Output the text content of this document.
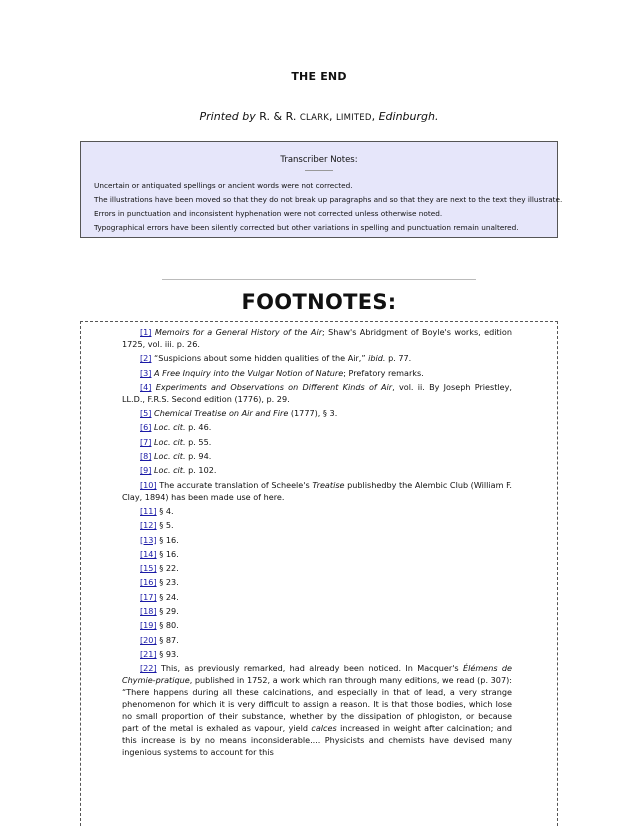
THE END
Printed by R. & R. CLARK, LIMITED, Edinburgh.
Transcriber Notes:
Uncertain or antiquated spellings or ancient words were not corrected.
The illustrations have been moved so that they do not break up paragraphs and so that they are next to the text they illustrate.
Errors in punctuation and inconsistent hyphenation were not corrected unless otherwise noted.
Typographical errors have been silently corrected but other variations in spelling and punctuation remain unaltered.
FOOTNOTES:

[1] Memoirs for a General History of the Air; Shaw's Abridgment of Boyle's works, edition 1725, vol. iii. p. 26.

[2] “Suspicions about some hidden qualities of the Air,” ibid. p. 77.

[3] A Free Inquiry into the Vulgar Notion of Nature; Prefatory remarks.

[4] Experiments and Observations on Different Kinds of Air, vol. ii. By Joseph Priestley, LL.D., F.R.S. Second edition (1776), p. 29.

[5] Chemical Treatise on Air and Fire (1777), § 3.

[6] Loc. cit. p. 46.

[7] Loc. cit. p. 55.

[8] Loc. cit. p. 94.

[9] Loc. cit. p. 102.

[10] The accurate translation of Scheele's Treatise publishedby the Alembic Club (William F. Clay, 1894) has been made use of here.

[11] § 4.

[12] § 5.

[13] § 16.

[14] § 16.

[15] § 22.

[16] § 23.

[17] § 24.

[18] § 29.

[19] § 80.

[20] § 87.

[21] § 93.

[22] This, as previously remarked, had already been noticed. In Macquer's Élémens de Chymie-pratique, published in 1752, a work which ran through many editions, we read (p. 307): “There happens during all these calcinations, and especially in that of lead, a very strange phenomenon for which it is very difficult to assign a reason. It is that those bodies, which lose no small proportion of their substance, whether by the dissipation of phlogiston, or because part of the metal is exhaled as vapour, yield calces increased in weight after calcination; and this increase is by no means inconsiderable.... Physicists and chemists have devised many ingenious systems to account for this
